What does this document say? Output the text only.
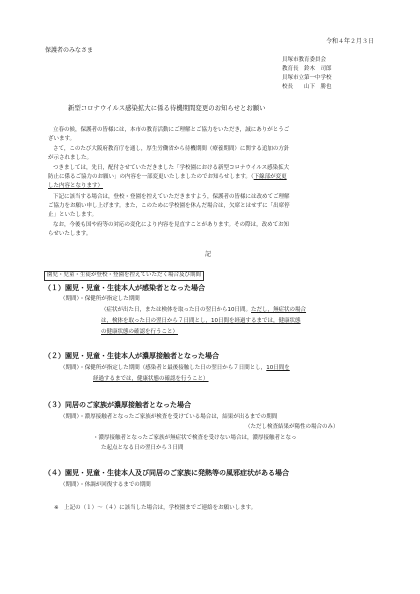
令和４年２月３日
保護者のみなさま
貝塚市教育委員会
教育長　鈴木　司郎
貝塚市立第一中学校
校長　　山下　勝也
新型コロナウイルス感染拡大に係る待機期間変更のお知らせとお願い
立春の候，保護者の皆様には，本市の教育活動にご理解とご協力をいただき，誠にありがとうご
ざいます。
さて，このたび大阪府教育庁を通し，厚生労働省から待機期間（療養期間）に関する追加の方針
が示されました。
つきましては，先日，配付させていただきました「学校園における新型コロナウイルス感染拡大
防止に係るご協力のお願い」の内容を一部変更いたしましたのでお知らせします。（下線部が変更
した内容となります）
下記に該当する場合は，登校・登園を控えていただきますよう，保護者の皆様には改めてご理解
ご協力をお願い申し上げます。また，このために学校園を休んだ場合は，欠席とはせずに「出席停
止」といたします。
なお，今後も国や府等の対応の変化により内容を見直すことがあります。その際は，改めてお知
らせいたします。
記
園児・児童・生徒が登校・登園を控えていただく場合及び期間
（１）園児・児童・生徒本人が感染者となった場合
（期間）・保健所が指定した期間
（症状が出た日，または検体を取った日の翌日から10日間。ただし，無症状の場合
は，検体を取った日の翌日から７日間とし，10日間を経過するまでは，健康状態
の健康状態の確認を行うこと）
（２）園児・児童・生徒本人が濃厚接触者となった場合
（期間）・保健所が指定した期間（感染者と最後接触した日の翌日から７日間とし，10日間を
経過するまでは，健康状態の確認を行うこと）
（３）同居のご家族が濃厚接触者となった場合
（期間）・濃厚接触者となったご家族が検査を受けている場合は，結果が出るまでの期間
（ただし検査結果が陽性の場合のみ）
・濃厚接触者となったご家族が無症状で検査を受けない場合は，濃厚接触者となっ
た起点となる日の翌日から３日間
（４）園児・児童・生徒本人及び同居のご家族に発熱等の風邪症状がある場合
（期間）・体調が回復するまでの期間
※　上記の（１）～（４）に該当した場合は，学校園までご連絡をお願いします。
